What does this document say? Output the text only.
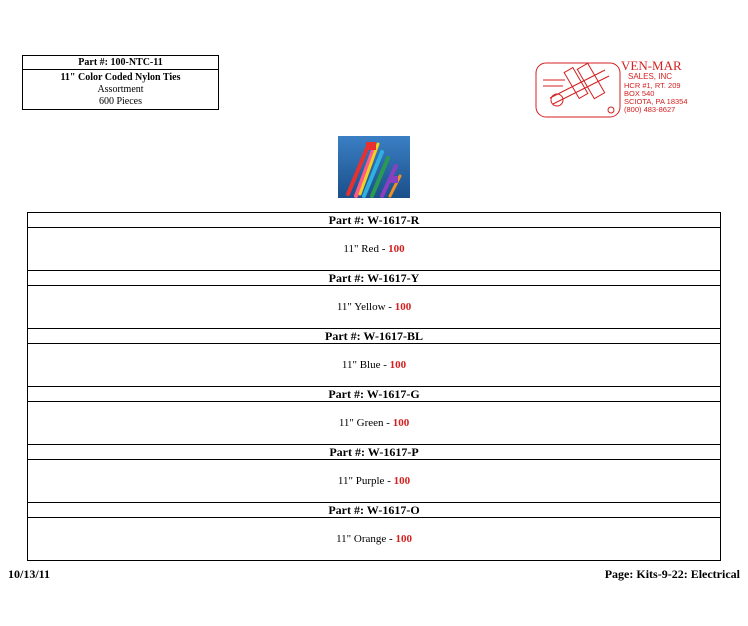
Part #: 100-NTC-11
11" Color Coded Nylon Ties
Assortment
600 Pieces
VEN-MAR
SALES, INC
HCR #1, RT. 209
BOX 540
SCIOTA, PA 18354
(800) 483-8627
Part #: W-1617-R
11" Red - 100
Part #: W-1617-Y
11" Yellow - 100
Part #: W-1617-BL
11" Blue - 100
Part #: W-1617-G
11" Green - 100
Part #: W-1617-P
11" Purple - 100
Part #: W-1617-O
11" Orange - 100
10/13/11	Page: Kits-9-22: Electrical
